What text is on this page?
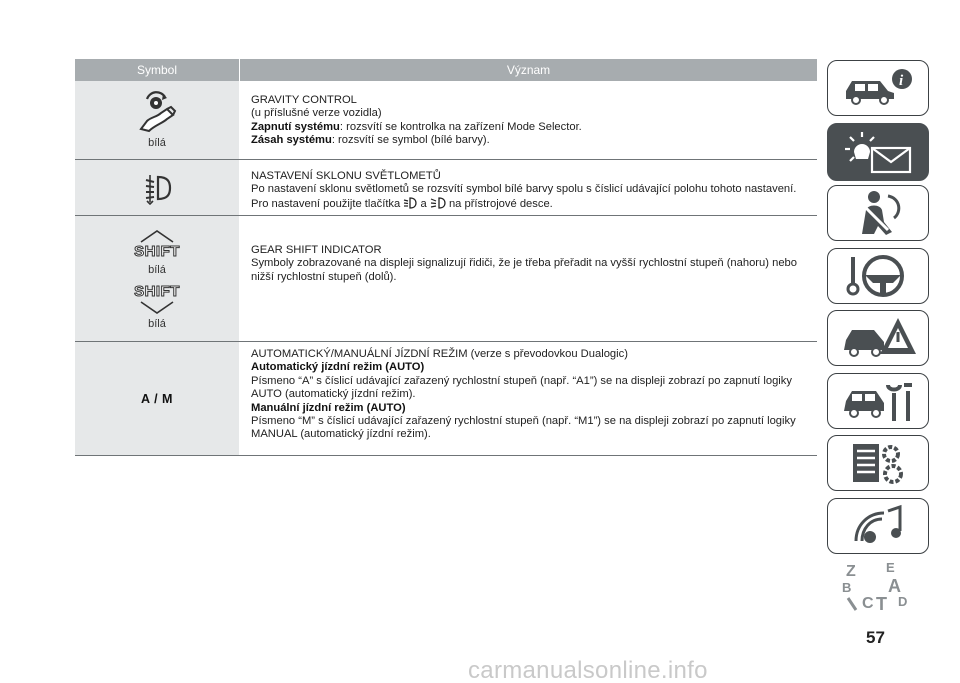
Symbol	Význam
bílá
GRAVITY CONTROL
(u příslušné verze vozidla)
Zapnutí systému: rozsvítí se kontrolka na zařízení Mode Selector.
Zásah systému: rozsvítí se symbol (bílé barvy).
NASTAVENÍ SKLONU SVĚTLOMETŮ
Po nastavení sklonu světlometů se rozsvítí symbol bílé barvy spolu s číslicí udávající polohu tohoto nastavení. Pro nastavení použijte tlačítka a na přístrojové desce.
SHIFT
bílá
SHIFT
bílá
GEAR SHIFT INDICATOR
Symboly zobrazované na displeji signalizují řidiči, že je třeba přeřadit na vyšší rychlostní stupeň (nahoru) nebo nižší rychlostní stupeň (dolů).
A / M
AUTOMATICKÝ/MANUÁLNÍ JÍZDNÍ REŽIM (verze s převodovkou Dualogic)
Automatický jízdní režim (AUTO)
Písmeno “A” s číslicí udávající zařazený rychlostní stupeň (např. “A1”) se na displeji zobrazí po zapnutí logiky AUTO (automatický jízdní režim).
Manuální jízdní režim (AUTO)
Písmeno “M” s číslicí udávající zařazený rychlostní stupeň (např. “M1”) se na displeji zobrazí po zapnutí logiky MANUAL (automatický jízdní režim).
i
Z E
B A
C D
T
57
carmanualsonline.info
